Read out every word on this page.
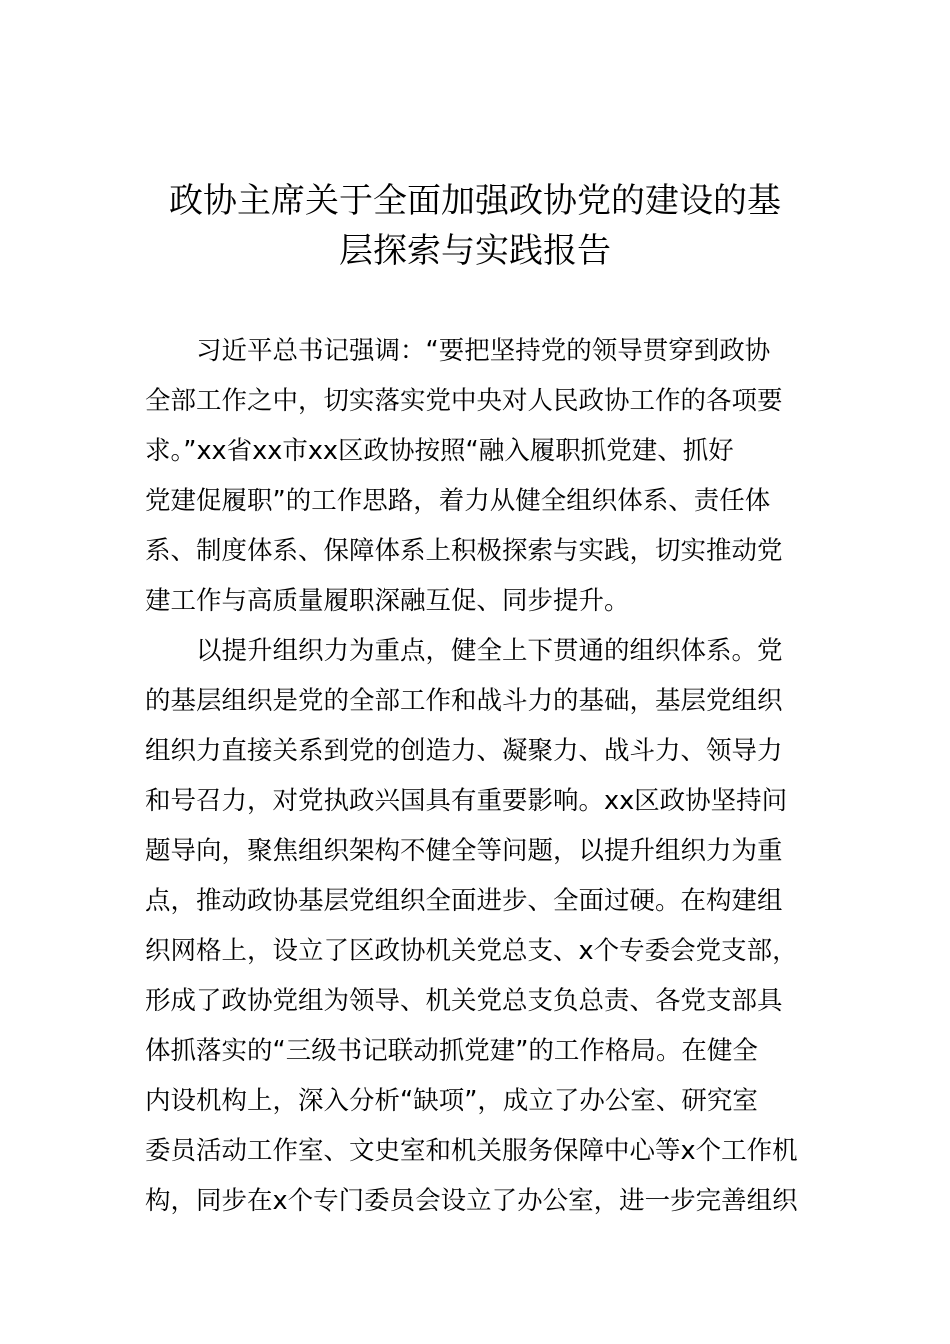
政协主席关于全面加强政协党的建设的基
层探索与实践报告

习近平总书记强调：“要把坚持党的领导贯穿到政协
全部工作之中，切实落实党中央对人民政协工作的各项要
求。”xx省xx市xx区政协按照“融入履职抓党建、抓好
党建促履职”的工作思路，着力从健全组织体系、责任体
系、制度体系、保障体系上积极探索与实践，切实推动党
建工作与高质量履职深融互促、同步提升。

以提升组织力为重点，健全上下贯通的组织体系。党
的基层组织是党的全部工作和战斗力的基础，基层党组织
组织力直接关系到党的创造力、凝聚力、战斗力、领导力
和号召力，对党执政兴国具有重要影响。xx区政协坚持问
题导向，聚焦组织架构不健全等问题，以提升组织力为重
点，推动政协基层党组织全面进步、全面过硬。在构建组
织网格上，设立了区政协机关党总支、x个专委会党支部，
形成了政协党组为领导、机关党总支负总责、各党支部具
体抓落实的“三级书记联动抓党建”的工作格局。在健全
内设机构上，深入分析“缺项”，成立了办公室、研究室
委员活动工作室、文史室和机关服务保障中心等x个工作机
构，同步在x个专门委员会设立了办公室，进一步完善组织
